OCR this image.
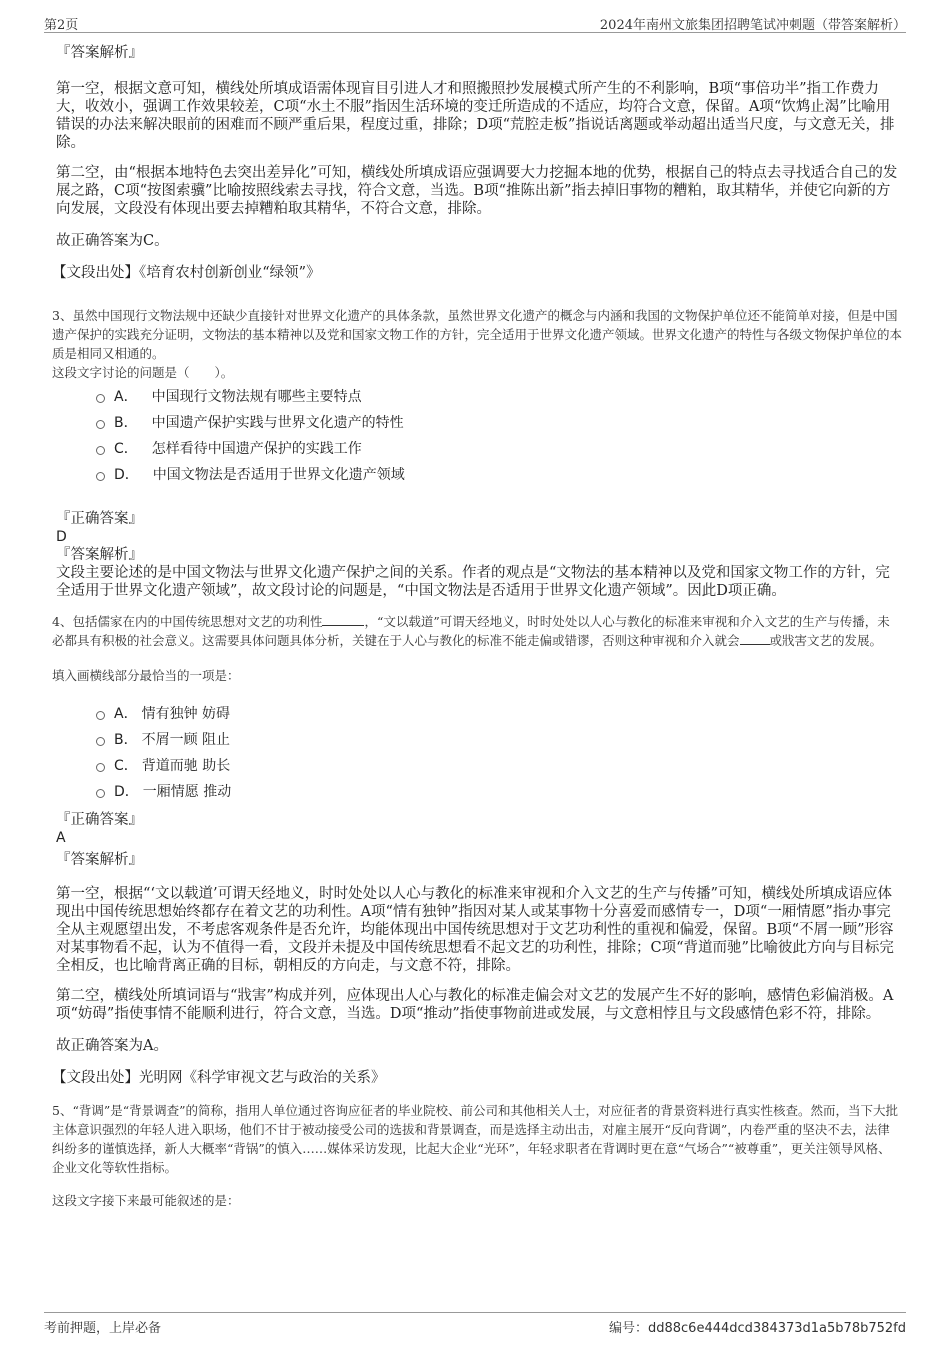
第2页	2024年南州文旅集团招聘笔试冲刺题（带答案解析）
『答案解析』

第一空，根据文意可知，横线处所填成语需体现盲目引进人才和照搬照抄发展模式所产生的不利影响，B项“事倍功半”指工作费力大，收效小，强调工作效果较差，C项“水土不服”指因生活环境的变迁所造成的不适应，均符合文意，保留。A项“饮鸩止渴”比喻用错误的办法来解决眼前的困难而不顾严重后果，程度过重，排除；D项“荒腔走板”指说话离题或举动超出适当尺度，与文意无关，排除。

第二空，由“根据本地特色去突出差异化”可知，横线处所填成语应强调要大力挖掘本地的优势，根据自己的特点去寻找适合自己的发展之路，C项“按图索骥”比喻按照线索去寻找，符合文意，当选。B项“推陈出新”指去掉旧事物的糟粕，取其精华，并使它向新的方向发展，文段没有体现出要去掉糟粕取其精华，不符合文意，排除。

故正确答案为C。

【文段出处】《培育农村创新创业“绿领”》

3、虽然中国现行文物法规中还缺少直接针对世界文化遗产的具体条款，虽然世界文化遗产的概念与内涵和我国的文物保护单位还不能简单对接，但是中国遗产保护的实践充分证明，文物法的基本精神以及党和国家文物工作的方针，完全适用于世界文化遗产领域。世界文化遗产的特性与各级文物保护单位的本质是相同又相通的。

这段文字讨论的问题是（　　）。

A． 中国现行文物法规有哪些主要特点
B． 中国遗产保护实践与世界文化遗产的特性
C． 怎样看待中国遗产保护的实践工作
D． 中国文物法是否适用于世界文化遗产领域
『正确答案』

D

『答案解析』

文段主要论述的是中国文物法与世界文化遗产保护之间的关系。作者的观点是“文物法的基本精神以及党和国家文物工作的方针，完全适用于世界文化遗产领域”，故文段讨论的问题是，“中国文物法是否适用于世界文化遗产领域”。因此D项正确。

4、包括儒家在内的中国传统思想对文艺的功利性	，“文以载道”可谓天经地义，时时处处以人心与教化的标准来审视和介入文艺的生产与传播，未必都具有积极的社会意义。这需要具体问题具体分析，关键在于人心与教化的标准不能走偏或错谬，否则这种审视和介入就会 或戕害文艺的发展。

填入画横线部分最恰当的一项是：

A． 情有独钟 妨碍
B． 不屑一顾 阻止
C． 背道而驰 助长
D． 一厢情愿 推动
『正确答案』

A

『答案解析』

第一空，根据“‘文以载道’可谓天经地义，时时处处以人心与教化的标准来审视和介入文艺的生产与传播”可知，横线处所填成语应体现出中国传统思想始终都存在着文艺的功利性。A项“情有独钟”指因对某人或某事物十分喜爱而感情专一，D项“一厢情愿”指办事完全从主观愿望出发，不考虑客观条件是否允许，均能体现出中国传统思想对于文艺功利性的重视和偏爱，保留。B项“不屑一顾”形容对某事物看不起，认为不值得一看，文段并未提及中国传统思想看不起文艺的功利性，排除；C项“背道而驰”比喻彼此方向与目标完全相反，也比喻背离正确的目标，朝相反的方向走，与文意不符，排除。

第二空，横线处所填词语与“戕害”构成并列，应体现出人心与教化的标准走偏会对文艺的发展产生不好的影响，感情色彩偏消极。A项“妨碍”指使事情不能顺利进行，符合文意，当选。D项“推动”指使事物前进或发展，与文意相悖且与文段感情色彩不符，排除。

故正确答案为A。

【文段出处】光明网《科学审视文艺与政治的关系》

5、“背调”是“背景调查”的简称，指用人单位通过咨询应征者的毕业院校、前公司和其他相关人士，对应征者的背景资料进行真实性核查。然而，当下大批主体意识强烈的年轻人进入职场，他们不甘于被动接受公司的选拔和背景调查，而是选择主动出击，对雇主展开“反向背调”，内卷严重的坚决不去，法律纠纷多的谨慎选择，新人大概率“背锅”的慎入……媒体采访发现，比起大企业“光环”，年轻求职者在背调时更在意“气场合”“被尊重”，更关注领导风格、企业文化等软性指标。

这段文字接下来最可能叙述的是：

考前押题，上岸必备	编号：dd88c6e444dcd384373d1a5b78b752fd
